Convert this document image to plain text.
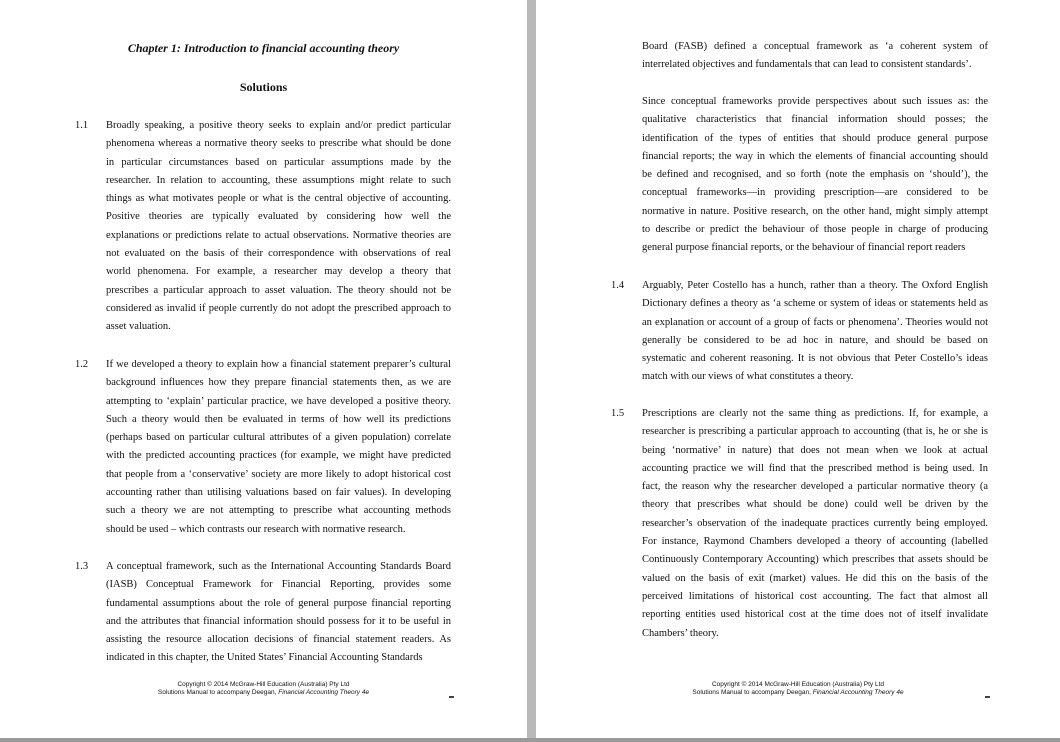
Chapter 1: Introduction to financial accounting theory
Solutions
1.1 Broadly speaking, a positive theory seeks to explain and/or predict particular
phenomena whereas a normative theory seeks to prescribe what should be done
in particular circumstances based on particular assumptions made by the
researcher. In relation to accounting, these assumptions might relate to such
things as what motivates people or what is the central objective of accounting.
Positive theories are typically evaluated by considering how well the
explanations or predictions relate to actual observations. Normative theories are
not evaluated on the basis of their correspondence with observations of real
world phenomena. For example, a researcher may develop a theory that
prescribes a particular approach to asset valuation. The theory should not be
considered as invalid if people currently do not adopt the prescribed approach to
asset valuation.
1.2 If we developed a theory to explain how a financial statement preparer’s cultural
background influences how they prepare financial statements then, as we are
attempting to ‘explain’ particular practice, we have developed a positive theory.
Such a theory would then be evaluated in terms of how well its predictions
(perhaps based on particular cultural attributes of a given population) correlate
with the predicted accounting practices (for example, we might have predicted
that people from a ‘conservative’ society are more likely to adopt historical cost
accounting rather than utilising valuations based on fair values). In developing
such a theory we are not attempting to prescribe what accounting methods
should be used – which contrasts our research with normative research.
1.3 A conceptual framework, such as the International Accounting Standards Board
(IASB) Conceptual Framework for Financial Reporting, provides some
fundamental assumptions about the role of general purpose financial reporting
and the attributes that financial information should possess for it to be useful in
assisting the resource allocation decisions of financial statement readers. As
indicated in this chapter, the United States’ Financial Accounting Standards
Copyright © 2014 McGraw-Hill Education (Australia) Pty Ltd
Solutions Manual to accompany Deegan, Financial Accounting Theory 4e
Board (FASB) defined a conceptual framework as ‘a coherent system of
interrelated objectives and fundamentals that can lead to consistent standards’.
Since conceptual frameworks provide perspectives about such issues as: the
qualitative characteristics that financial information should posses; the
identification of the types of entities that should produce general purpose
financial reports; the way in which the elements of financial accounting should
be defined and recognised, and so forth (note the emphasis on ‘should’), the
conceptual frameworks—in providing prescription—are considered to be
normative in nature. Positive research, on the other hand, might simply attempt
to describe or predict the behaviour of those people in charge of producing
general purpose financial reports, or the behaviour of financial report readers
1.4 Arguably, Peter Costello has a hunch, rather than a theory. The Oxford English
Dictionary defines a theory as ‘a scheme or system of ideas or statements held as
an explanation or account of a group of facts or phenomena’. Theories would not
generally be considered to be ad hoc in nature, and should be based on
systematic and coherent reasoning. It is not obvious that Peter Costello’s ideas
match with our views of what constitutes a theory.
1.5 Prescriptions are clearly not the same thing as predictions. If, for example, a
researcher is prescribing a particular approach to accounting (that is, he or she is
being ‘normative’ in nature) that does not mean when we look at actual
accounting practice we will find that the prescribed method is being used. In
fact, the reason why the researcher developed a particular normative theory (a
theory that prescribes what should be done) could well be driven by the
researcher’s observation of the inadequate practices currently being employed.
For instance, Raymond Chambers developed a theory of accounting (labelled
Continuously Contemporary Accounting) which prescribes that assets should be
valued on the basis of exit (market) values. He did this on the basis of the
perceived limitations of historical cost accounting. The fact that almost all
reporting entities used historical cost at the time does not of itself invalidate
Chambers’ theory.
Copyright © 2014 McGraw-Hill Education (Australia) Pty Ltd
Solutions Manual to accompany Deegan, Financial Accounting Theory 4e
